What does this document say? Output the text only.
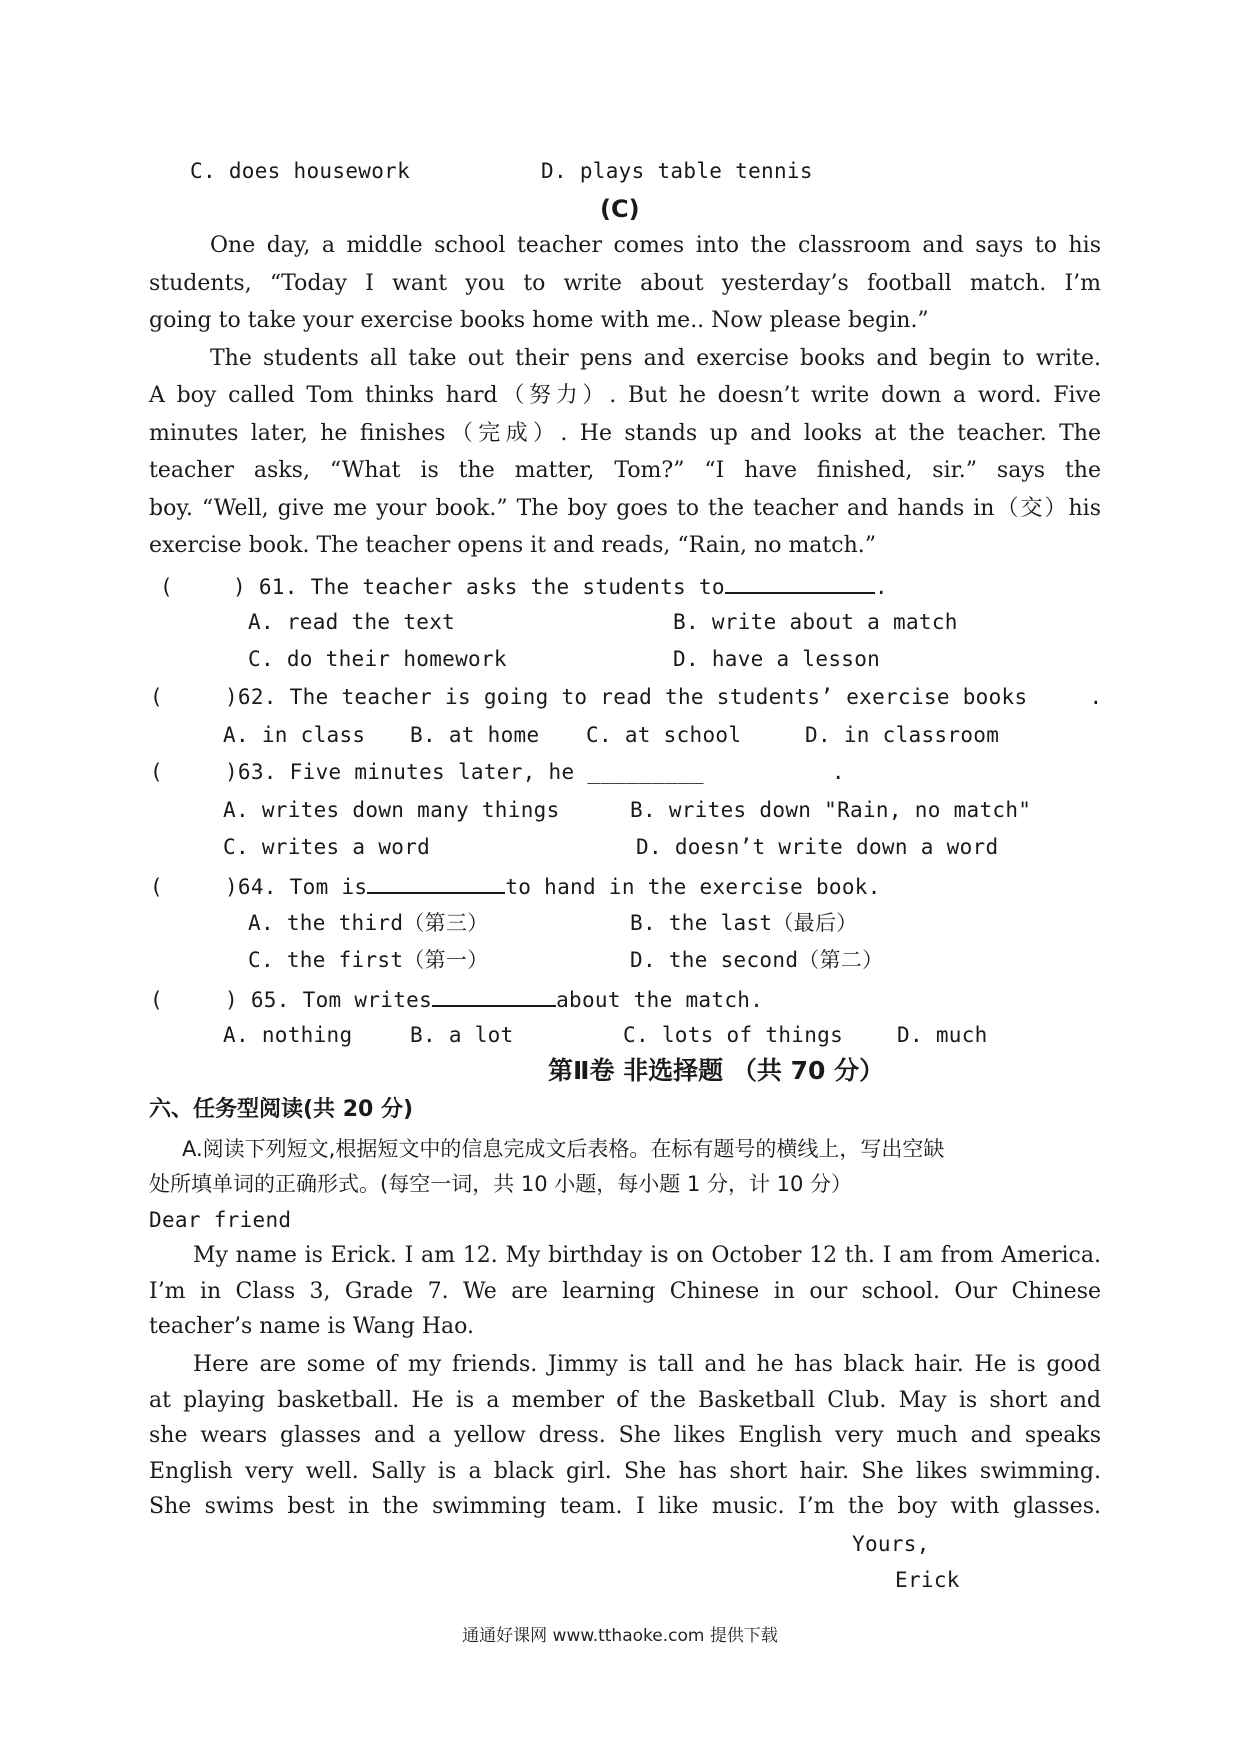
C. does housework	D. plays table tennis
(C)
One day, a middle school teacher comes into the classroom and says to his
students, “Today I want you to write about yesterday’s football match. I’m
going to take your exercise books home with me.. Now please begin.”
The students all take out their pens and exercise books and begin to write.
A boy called Tom thinks hard（努力）. But he doesn’t write down a word. Five
minutes later, he finishes（完成）. He stands up and looks at the teacher. The
teacher asks, “What is the matter, Tom?” “I have finished, sir.” says the
boy. “Well, give me your book.” The boy goes to the teacher and hands in（交）his
exercise book. The teacher opens it and reads, “Rain, no match.”
(	) 61. The teacher asks the students to	.
A. read the text	B. write about a match
C. do their homework	D. have a lesson
(	)62. The teacher is going to read the students’ exercise books	.
A. in class B. at home C. at school	D. in classroom
(	)63. Five minutes later, he _________	.
A. writes down many things	B. writes down "Rain, no match"
C. writes a word	D. doesn’t write down a word
(	)64. Tom is	to hand in the exercise book.
A. the third（第三）	B. the last（最后）
C. the first（第一）	D. the second（第二）
(	) 65. Tom writes	about the match.
A. nothing	B. a lot	C. lots of things	D. much
第Ⅱ卷 非选择题 （共 70 分）
六、任务型阅读(共 20 分)
A.阅读下列短文,根据短文中的信息完成文后表格。在标有题号的横线上，写出空缺
处所填单词的正确形式。(每空一词，共 10 小题，每小题 1 分，计 10 分）
Dear friend
My name is Erick. I am 12. My birthday is on October 12 th. I am from America.
I’m in Class 3, Grade 7. We are learning Chinese in our school. Our Chinese
teacher’s name is Wang Hao.
Here are some of my friends. Jimmy is tall and he has black hair. He is good
at playing basketball. He is a member of the Basketball Club. May is short and
she wears glasses and a yellow dress. She likes English very much and speaks
English very well. Sally is a black girl. She has short hair. She likes swimming.
She swims best in the swimming team. I like music. I’m the boy with glasses.
Yours,
Erick
通通好课网 www.tthaoke.com 提供下载
